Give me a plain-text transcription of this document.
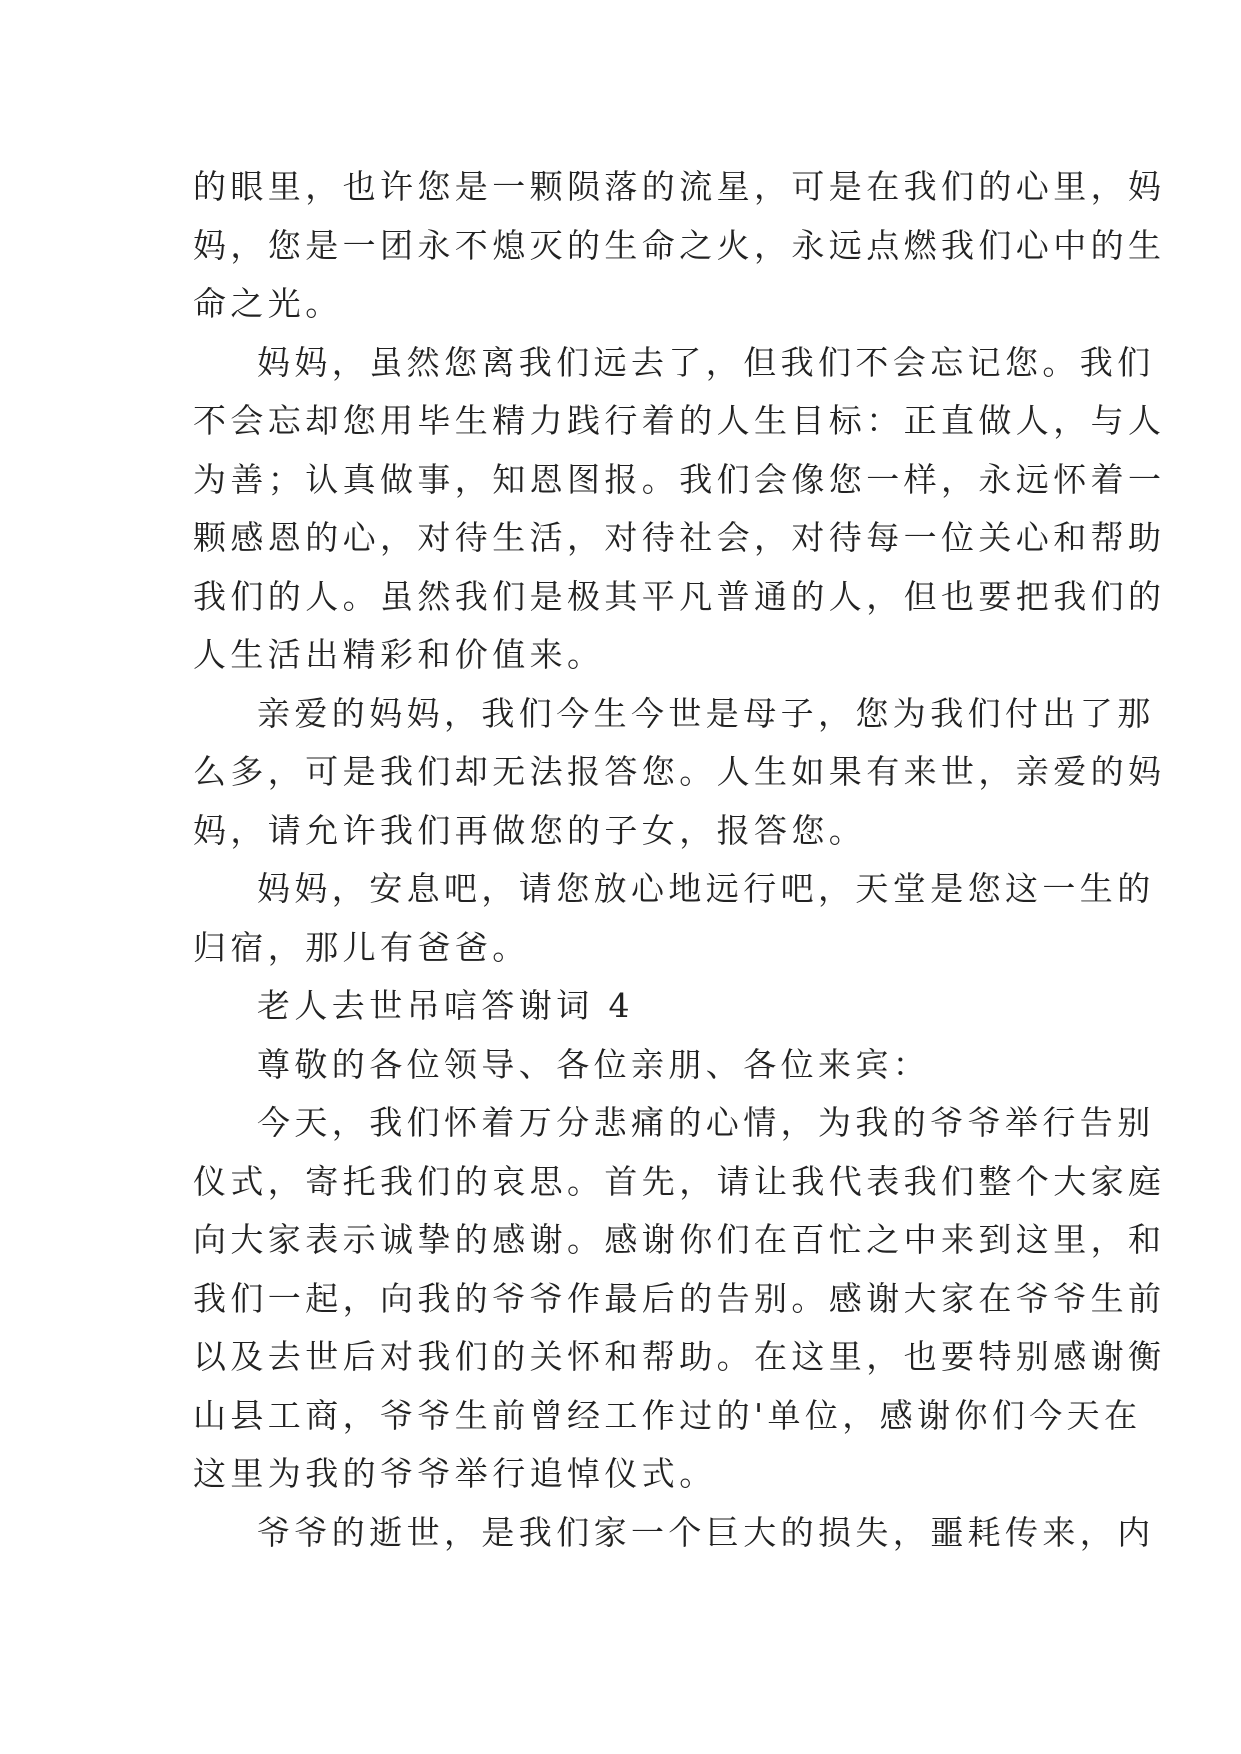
的眼里，也许您是一颗陨落的流星，可是在我们的心里，妈
妈，您是一团永不熄灭的生命之火，永远点燃我们心中的生
命之光。
妈妈，虽然您离我们远去了，但我们不会忘记您。我们
不会忘却您用毕生精力践行着的人生目标：正直做人，与人
为善；认真做事，知恩图报。我们会像您一样，永远怀着一
颗感恩的心，对待生活，对待社会，对待每一位关心和帮助
我们的人。虽然我们是极其平凡普通的人，但也要把我们的
人生活出精彩和价值来。
亲爱的妈妈，我们今生今世是母子，您为我们付出了那
么多，可是我们却无法报答您。人生如果有来世，亲爱的妈
妈，请允许我们再做您的子女，报答您。
妈妈，安息吧，请您放心地远行吧，天堂是您这一生的
归宿，那儿有爸爸。
老人去世吊唁答谢词 4
尊敬的各位领导、各位亲朋、各位来宾：
今天，我们怀着万分悲痛的心情，为我的爷爷举行告别
仪式，寄托我们的哀思。首先，请让我代表我们整个大家庭
向大家表示诚挚的感谢。感谢你们在百忙之中来到这里，和
我们一起，向我的爷爷作最后的告别。感谢大家在爷爷生前
以及去世后对我们的关怀和帮助。在这里，也要特别感谢衡
山县工商，爷爷生前曾经工作过的'单位，感谢你们今天在
这里为我的爷爷举行追悼仪式。
爷爷的逝世，是我们家一个巨大的损失，噩耗传来，内
